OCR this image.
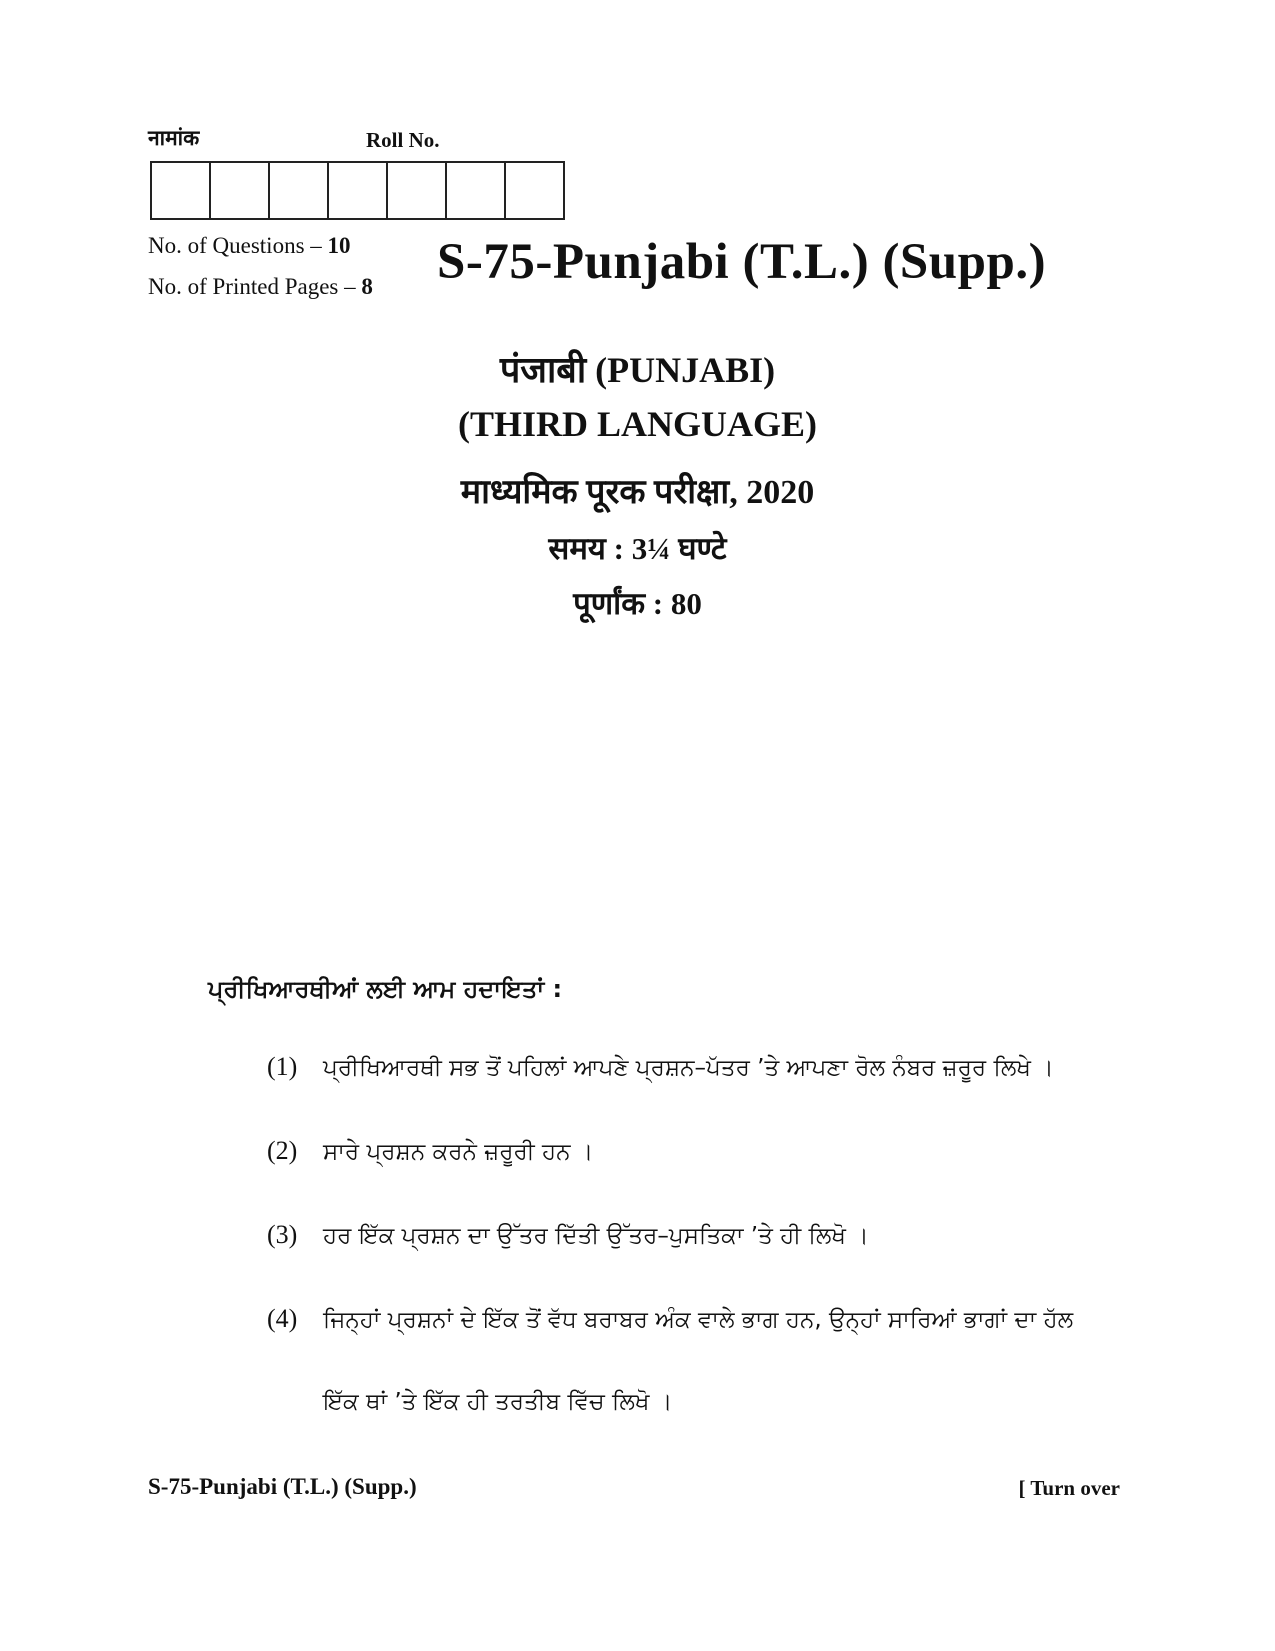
नामांक	Roll No.
No. of Questions – 10
No. of Printed Pages – 8 S-75-Punjabi (T.L.) (Supp.)
पंजाबी (PUNJABI)
(THIRD LANGUAGE)
माध्यमिक पूरक परीक्षा, 2020
समय : 3¼ घण्टे
पूर्णांक : 80
ਪ੍ਰੀਖਿਆਰਥੀਆਂ ਲਈ ਆਮ ਹਦਾਇਤਾਂ :
(1) ਪ੍ਰੀਖਿਆਰਥੀ ਸਭ ਤੋਂ ਪਹਿਲਾਂ ਆਪਣੇ ਪ੍ਰਸ਼ਨ–ਪੱਤਰ ’ਤੇ ਆਪਣਾ ਰੋਲ ਨੰਬਰ ਜ਼ਰੂਰ ਲਿਖੇ ।
(2) ਸਾਰੇ ਪ੍ਰਸ਼ਨ ਕਰਨੇ ਜ਼ਰੂਰੀ ਹਨ ।
(3) ਹਰ ਇੱਕ ਪ੍ਰਸ਼ਨ ਦਾ ਉੱਤਰ ਦਿੱਤੀ ਉੱਤਰ–ਪੁਸਤਿਕਾ ’ਤੇ ਹੀ ਲਿਖੋ ।
(4) ਜਿਨ੍ਹਾਂ ਪ੍ਰਸ਼ਨਾਂ ਦੇ ਇੱਕ ਤੋਂ ਵੱਧ ਬਰਾਬਰ ਅੰਕ ਵਾਲੇ ਭਾਗ ਹਨ, ਉਨ੍ਹਾਂ ਸਾਰਿਆਂ ਭਾਗਾਂ ਦਾ ਹੱਲ
ਇੱਕ ਥਾਂ ’ਤੇ ਇੱਕ ਹੀ ਤਰਤੀਬ ਵਿੱਚ ਲਿਖੋ ।
S-75-Punjabi (T.L.) (Supp.)	[ Turn over
